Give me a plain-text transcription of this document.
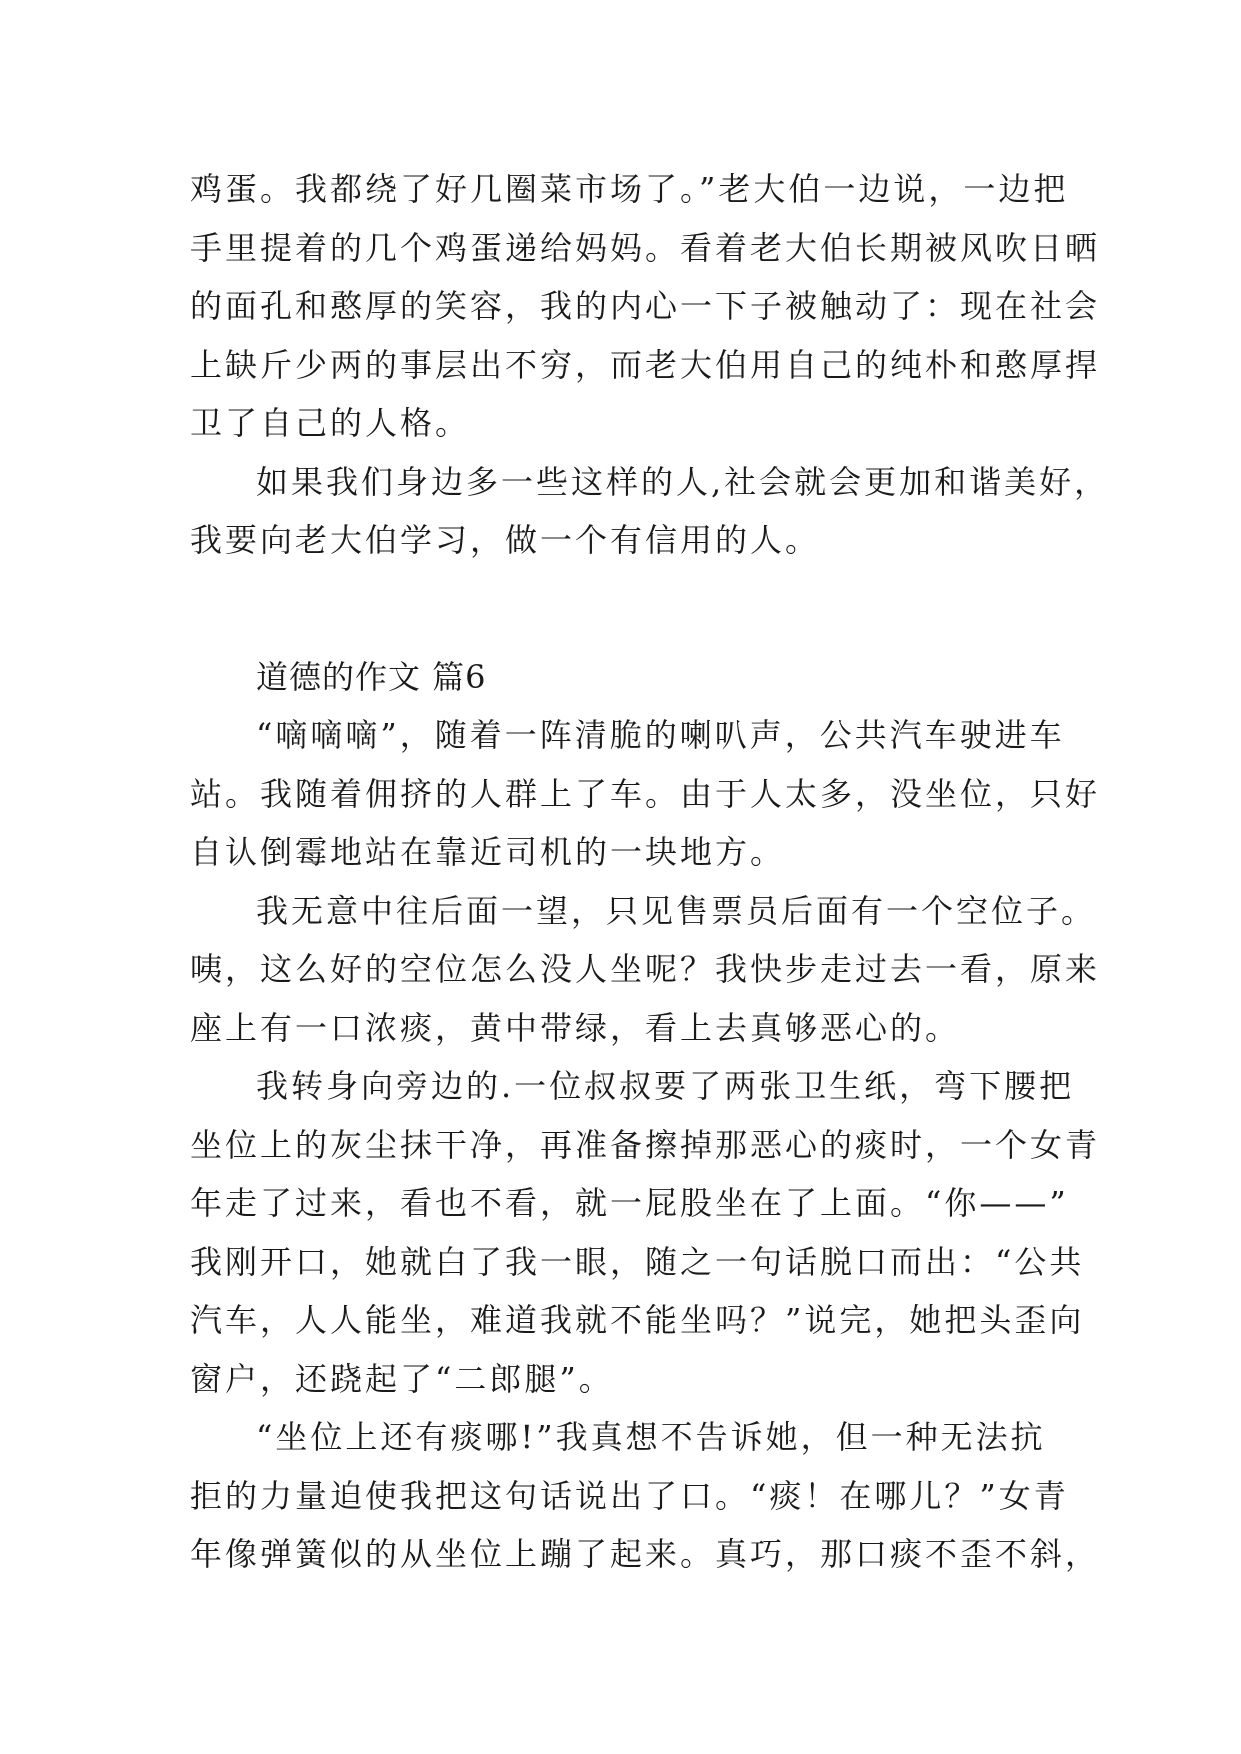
鸡蛋。我都绕了好几圈菜市场了。”老大伯一边说，一边把
手里提着的几个鸡蛋递给妈妈。看着老大伯长期被风吹日晒
的面孔和憨厚的笑容，我的内心一下子被触动了：现在社会
上缺斤少两的事层出不穷，而老大伯用自己的纯朴和憨厚捍
卫了自己的人格。
如果我们身边多一些这样的人,社会就会更加和谐美好，
我要向老大伯学习，做一个有信用的人。
道德的作文 篇6
“嘀嘀嘀”，随着一阵清脆的喇叭声，公共汽车驶进车
站。我随着佣挤的人群上了车。由于人太多，没坐位，只好
自认倒霉地站在靠近司机的一块地方。
我无意中往后面一望，只见售票员后面有一个空位子。
咦，这么好的空位怎么没人坐呢？我快步走过去一看，原来
座上有一口浓痰，黄中带绿，看上去真够恶心的。
我转身向旁边的.一位叔叔要了两张卫生纸，弯下腰把
坐位上的灰尘抹干净，再准备擦掉那恶心的痰时，一个女青
年走了过来，看也不看，就一屁股坐在了上面。“你——”
我刚开口，她就白了我一眼，随之一句话脱口而出：“公共
汽车，人人能坐，难道我就不能坐吗？”说完，她把头歪向
窗户，还跷起了“二郎腿”。
“坐位上还有痰哪!”我真想不告诉她，但一种无法抗
拒的力量迫使我把这句话说出了口。“痰！在哪儿？”女青
年像弹簧似的从坐位上蹦了起来。真巧，那口痰不歪不斜，
